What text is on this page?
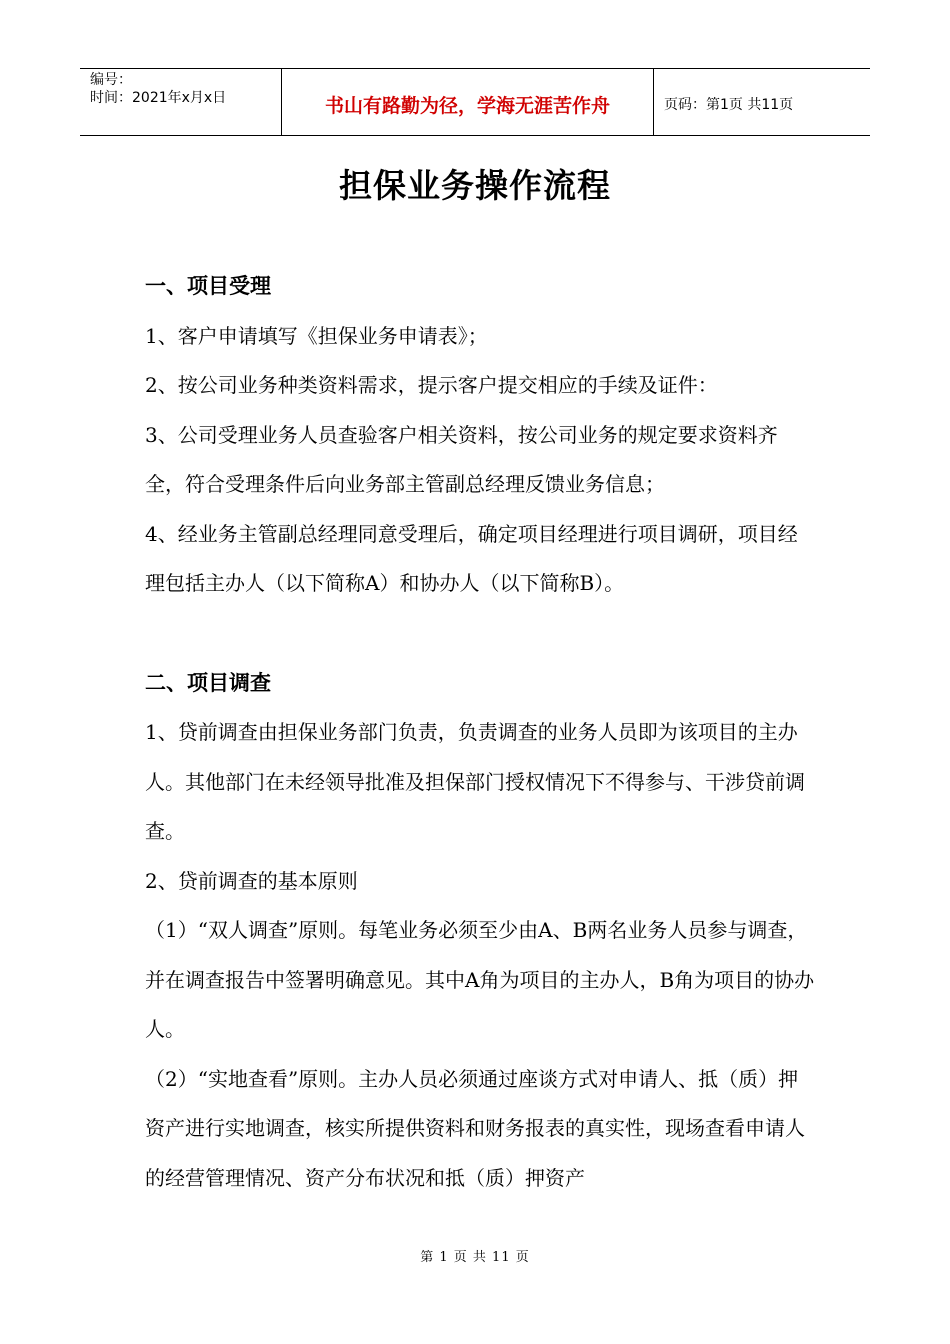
编号：
时间：2021年x月x日	书山有路勤为径，学海无涯苦作舟	页码：第1页 共11页
担保业务操作流程
一、项目受理

1、客户申请填写《担保业务申请表》；

2、按公司业务种类资料需求，提示客户提交相应的手续及证件：

3、公司受理业务人员查验客户相关资料，按公司业务的规定要求资料齐全，符合受理条件后向业务部主管副总经理反馈业务信息；

4、经业务主管副总经理同意受理后，确定项目经理进行项目调研，项目经理包括主办人（以下简称A）和协办人（以下简称B）。

二、项目调查

1、贷前调查由担保业务部门负责，负责调查的业务人员即为该项目的主办人。其他部门在未经领导批准及担保部门授权情况下不得参与、干涉贷前调查。

2、贷前调查的基本原则

（1）“双人调查”原则。每笔业务必须至少由A、B两名业务人员参与调查，并在调查报告中签署明确意见。其中A角为项目的主办人，B角为项目的协办人。

（2）“实地查看”原则。主办人员必须通过座谈方式对申请人、抵（质）押资产进行实地调查，核实所提供资料和财务报表的真实性，现场查看申请人的经营管理情况、资产分布状况和抵（质）押资产

第 1 页 共 11 页
